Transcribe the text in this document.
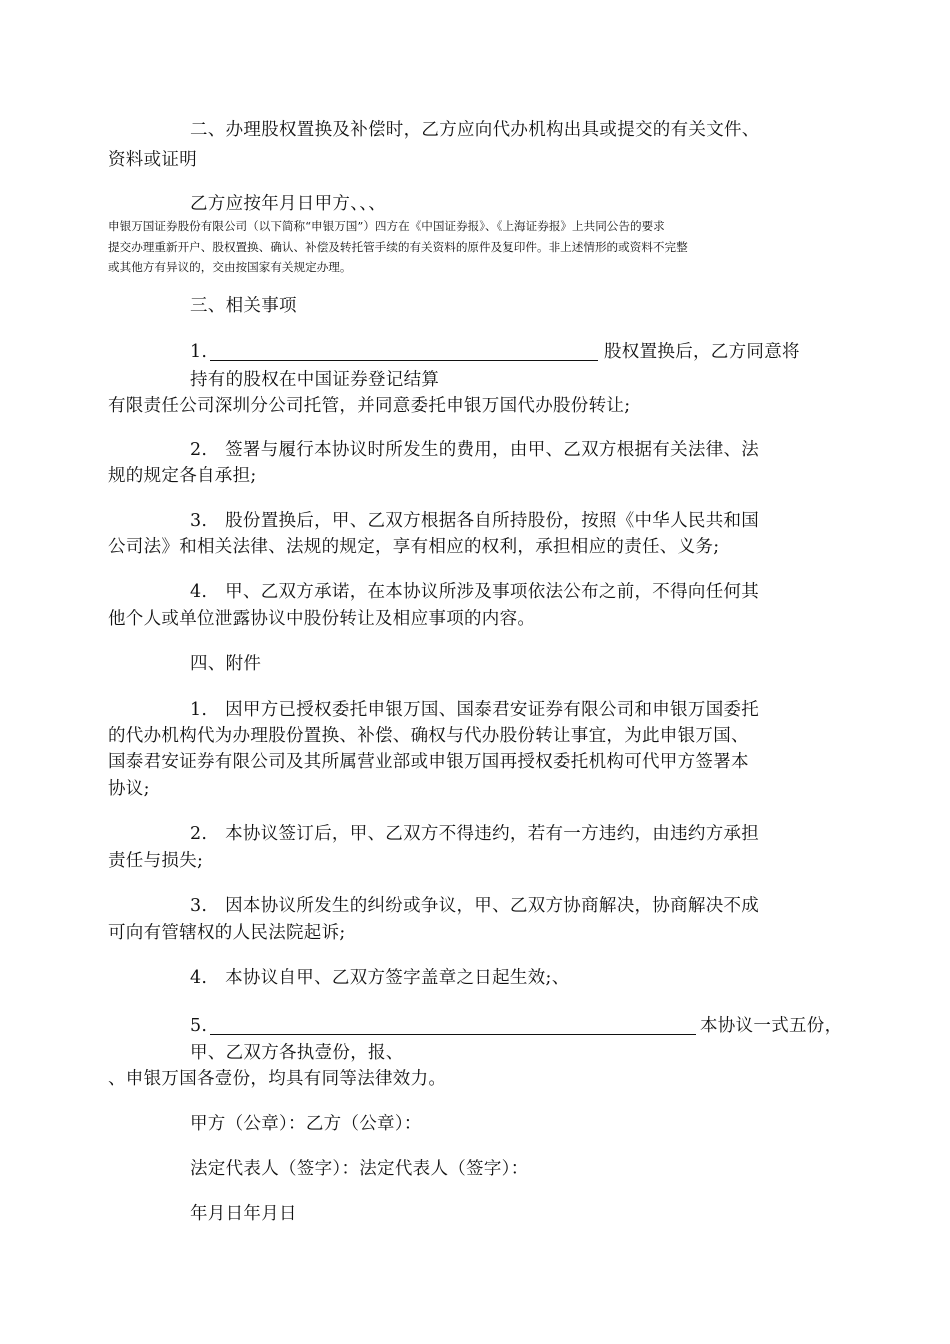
二、办理股权置换及补偿时，乙方应向代办机构出具或提交的有关文件、
资料或证明
乙方应按年月日甲方、、、
申银万国证券股份有限公司（以下简称“申银万国”）四方在《中国证券报》、《上海证券报》上共同公告的要求
提交办理重新开户、股权置换、确认、补偿及转托管手续的有关资料的原件及复印件。非上述情形的或资料不完整
或其他方有异议的，交由按国家有关规定办理。
三、相关事项
1.	股权置换后，乙方同意将
持有的股权在中国证券登记结算
有限责任公司深圳分公司托管，并同意委托申银万国代办股份转让;
2.　签署与履行本协议时所发生的费用，由甲、乙双方根据有关法律、法
规的规定各自承担;
3.　股份置换后，甲、乙双方根据各自所持股份，按照《中华人民共和国
公司法》和相关法律、法规的规定，享有相应的权利，承担相应的责任、义务;
4.　甲、乙双方承诺，在本协议所涉及事项依法公布之前，不得向任何其
他个人或单位泄露协议中股份转让及相应事项的内容。
四、附件
1.　因甲方已授权委托申银万国、国泰君安证券有限公司和申银万国委托
的代办机构代为办理股份置换、补偿、确权与代办股份转让事宜，为此申银万国、
国泰君安证券有限公司及其所属营业部或申银万国再授权委托机构可代甲方签署本
协议;
2.　本协议签订后，甲、乙双方不得违约，若有一方违约，由违约方承担
责任与损失;
3.　因本协议所发生的纠纷或争议，甲、乙双方协商解决，协商解决不成
可向有管辖权的人民法院起诉;
4.　本协议自甲、乙双方签字盖章之日起生效;、
5.	本协议一式五份，
甲、乙双方各执壹份，报、
、申银万国各壹份，均具有同等法律效力。
甲方（公章）：乙方（公章）：
法定代表人（签字）：法定代表人（签字）：
年月日年月日
